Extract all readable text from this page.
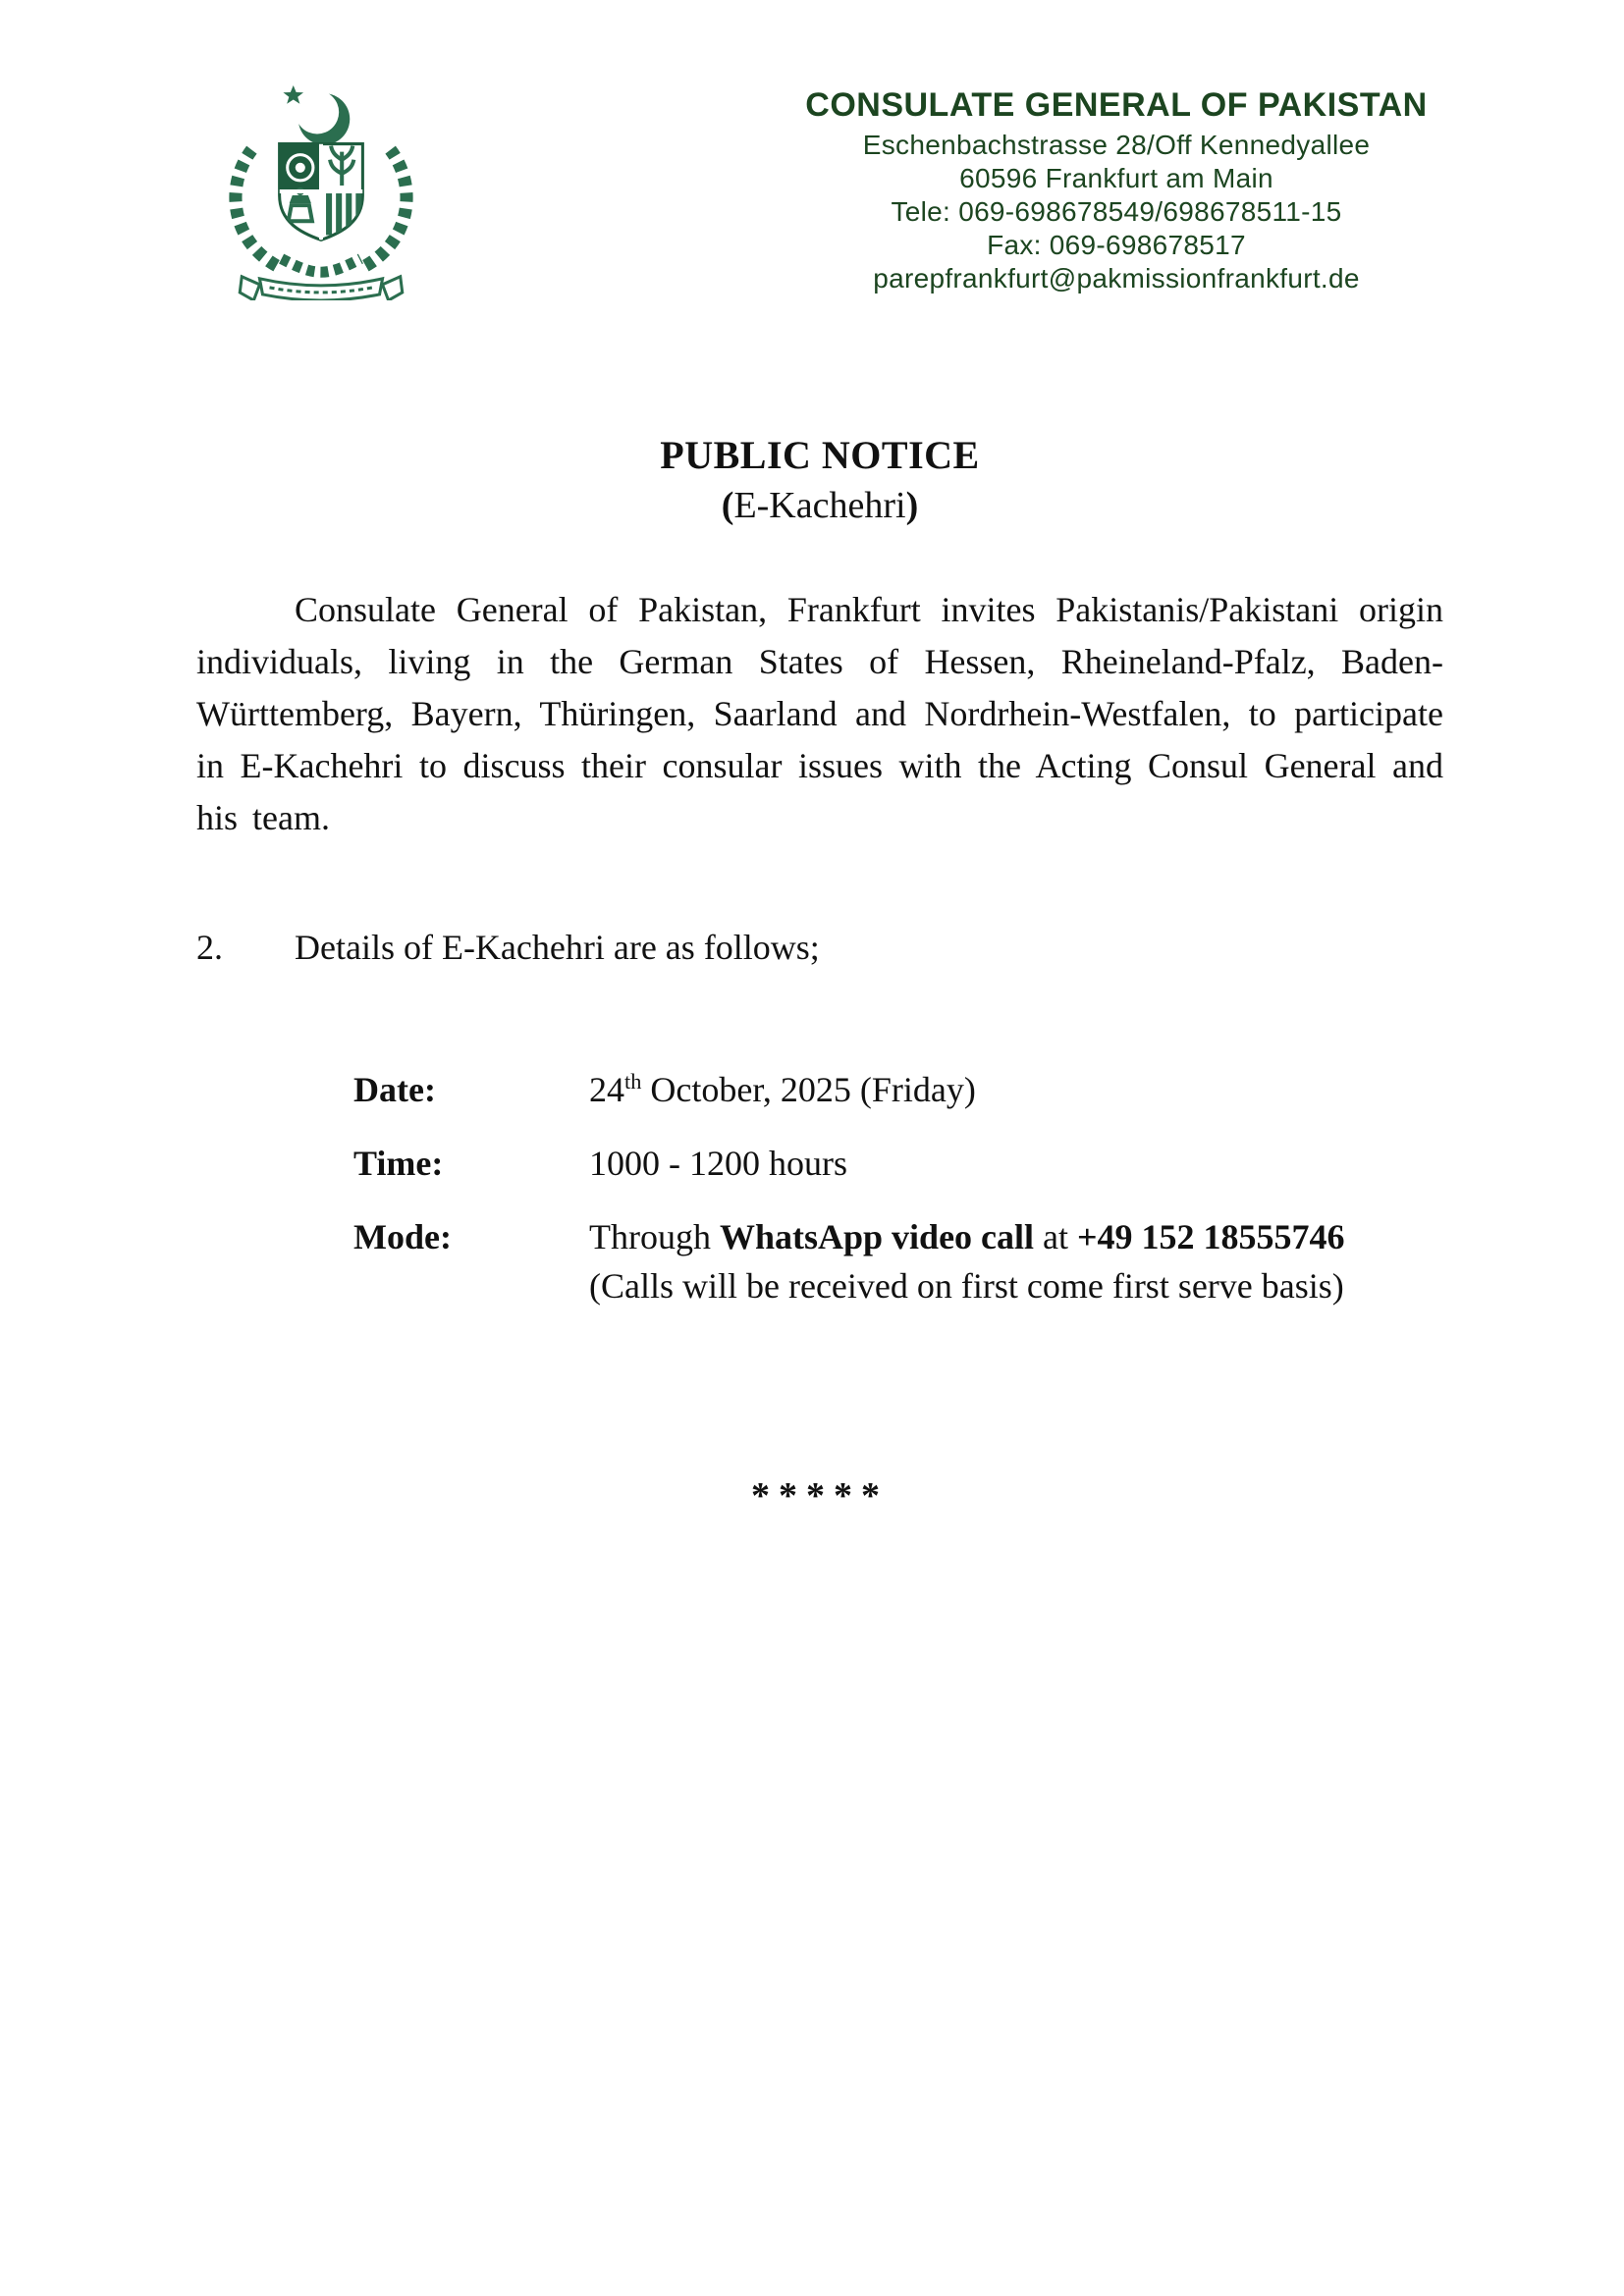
CONSULATE GENERAL OF PAKISTAN
Eschenbachstrasse 28/Off Kennedyallee
60596 Frankfurt am Main
Tele: 069-698678549/698678511-15
Fax: 069-698678517
parepfrankfurt@pakmissionfrankfurt.de
PUBLIC NOTICE
(E-Kachehri)

Consulate General of Pakistan, Frankfurt invites Pakistanis/Pakistani origin individuals, living in the German States of Hessen, Rheineland-Pfalz, Baden-Württemberg, Bayern, Thüringen, Saarland and Nordrhein-Westfalen, to participate in E-Kachehri to discuss their consular issues with the Acting Consul General and his team.

2.	Details of E-Kachehri are as follows;
Date:	24th October, 2025 (Friday)
Time:	1000 - 1200 hours
Mode:	Through WhatsApp video call at +49 152 18555746
(Calls will be received on first come first serve basis)
*****
